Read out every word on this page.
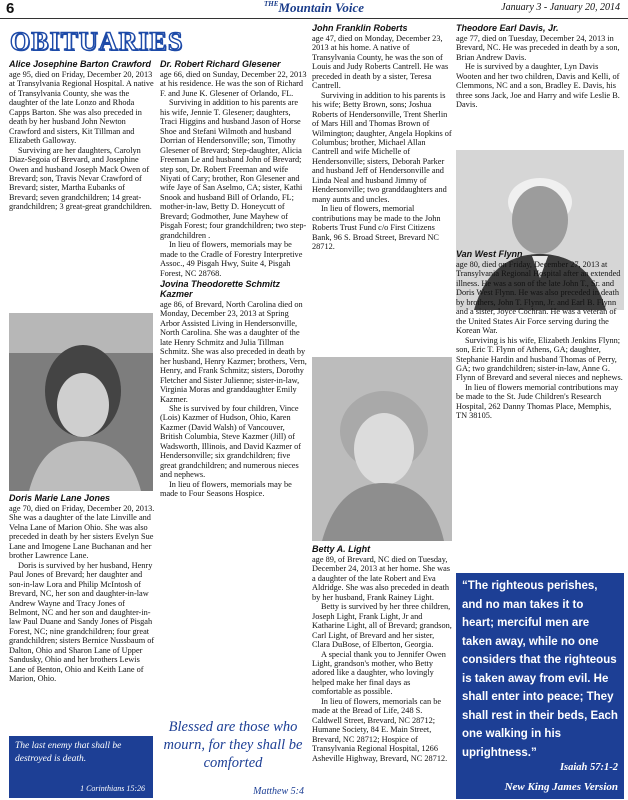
6	$^{THE}$Mountain Voice	January 3 - January 20, 2014
OBITUARIES
Alice Josephine Barton Crawford

age 95, died on Friday, December 20, 2013 at Transylvania Regional Hospital. A native of Transylvania County, she was the daughter of the late Lonzo and Rhoda Capps Barton. She was also preceded in death by her husband John Newton Crawford and sisters, Kit Tillman and Elizabeth Galloway.

Surviving are her daughters, Carolyn Diaz-Segoia of Brevard, and Josephine Owen and husband Joseph Mack Owen of Brevard; son, Travis Nevar Crawford of Brevard; sister, Martha Eubanks of Brevard; seven grandchildren; 14 great-grandchildren; 3 great-great grandchildren.

Doris Marie Lane Jones

age 70, died on Friday, December 20, 2013. She was a daughter of the late Linville and Velna Lane of Marion Ohio. She was also preceded in death by her sisters Evelyn Sue Lane and Imogene Lane Buchanan and her brother Lawrence Lane.

Doris is survived by her husband, Henry Paul Jones of Brevard; her daughter and son-in-law Lora and Philip McIntosh of Brevard, NC, her son and daughter-in-law Andrew Wayne and Tracy Jones of Belmont, NC and her son and daughter-in-law Paul Duane and Sandy Jones of Pisgah Forest, NC; nine grandchildren; four great grandchildren; sisters Bernice Nussbaum of Dalton, Ohio and Sharon Lane of Upper Sandusky, Ohio and her brothers Lewis Lane of Benton, Ohio and Keith Lane of Marion, Ohio.

The last enemy that shall be destroyed is death.
1 Corinthians 15:26
Dr. Robert Richard Glesener

age 66, died on Sunday, December 22, 2013 at his residence. He was the son of Richard F. and June K. Glesener of Orlando, FL.

Surviving in addition to his parents are his wife, Jennie T. Glesener; daughters, Traci Higgins and husband Jason of Horse Shoe and Stefani Wilmoth and husband Dorrian of Hendersonville; son, Timothy Glesener of Brevard; Step-daughter, Alicia Freeman Le and husband John of Brevard; step son, Dr. Robert Freeman and wife Niyati of Cary; brother, Ron Glesener and wife Jaye of San Aselmo, CA; sister, Kathi Snook and husband Bill of Orlando, FL; mother-in-law, Betty D. Honeycutt of Brevard; Godmother, June Mayhew of Pisgah Forest; four grandchildren; two step-grandchildren .

In lieu of flowers, memorials may be made to the Cradle of Forestry Interpretive Assoc., 49 Pisgah Hwy, Suite 4, Pisgah Forest, NC 28768.

Jovina Theodorette Schmitz Kazmer

age 86, of Brevard, North Carolina died on Monday, December 23, 2013 at Spring Arbor Assisted Living in Hendersonville, North Carolina. She was a daughter of the late Henry Schmitz and Julia Tillman Schmitz. She was also preceded in death by her husband, Henry Kazmer; brothers, Vern, Henry, and Frank Schmitz; sisters, Dorothy Fletcher and Sister Julienne; sister-in-law, Virginia Moras and granddaughter Emily Kazmer.

She is survived by four children, Vince (Lois) Kazmer of Hudson, Ohio, Karen Kazmer (David Walsh) of Vancouver, British Columbia, Steve Kazmer (Jill) of Wadsworth, Illinois, and David Kazmer of Hendersonville; six grandchildren; five great grandchildren; and numerous nieces and nephews.

In lieu of flowers, memorials may be made to Four Seasons Hospice.

Blessed are those who mourn, for they shall be comforted
Matthew 5:4
John Franklin Roberts

age 47, died on Monday, December 23, 2013 at his home. A native of Transylvania County, he was the son of Louis and Judy Roberts Cantrell. He was preceded in death by a sister, Teresa Cantrell.

Surviving in addition to his parents is his wife; Betty Brown, sons; Joshua Roberts of Hendersonville, Trent Sherlin of Mars Hill and Thomas Brown of Wilmington; daughter, Angela Hopkins of Columbus; brother, Michael Allan Cantrell and wife Michelle of Hendersonville; sisters, Deborah Parker and husband Jeff of Hendersonville and Linda Neal and husband Jimmy of Hendersonville; two granddaughters and many aunts and uncles.

In lieu of flowers, memorial contributions may be made to the John Roberts Trust Fund c/o First Citizens Bank, 96 S. Broad Street, Brevard NC 28712.

Betty A. Light

age 89, of Brevard, NC died on Tuesday, December 24, 2013 at her home. She was a daughter of the late Robert and Eva Aldridge. She was also preceded in death by her husband, Frank Rainey Light.

Betty is survived by her three children, Joseph Light, Frank Light, Jr and Katharine Light, all of Brevard; grandson, Carl Light, of Brevard and her sister, Clara DuBose, of Elberton, Georgia.

A special thank you to Jennifer Owen Light, grandson's mother, who Betty adored like a daughter, who lovingly helped make her final days as comfortable as possible.

In lieu of flowers, memorials can be made at the Bread of Life, 248 S. Caldwell Street, Brevard, NC 28712; Humane Society, 84 E. Main Street, Brevard, NC 28712; Hospice of Transylvania Regional Hospital, 1266 Asheville Highway, Brevard, NC 28712.

Theodore Earl Davis, Jr.

age 77, died on Tuesday, December 24, 2013 in Brevard, NC. He was preceded in death by a son, Brian Andrew Davis.

He is survived by a daughter, Lyn Davis Wooten and her two children, Davis and Kelli, of Clemmons, NC and a son, Bradley E. Davis, his three sons Jack, Joe and Harry and wife Leslie B. Davis.

Van West Flynn

age 80, died on Friday, December 27, 2013 at Transylvania Regional Hospital after an extended illness. He was a son of the late John T., Sr. and Doris West Flynn. He was also preceded in death by brothers, John T. Flynn, Jr. and Earl B. Flynn and a sister, Joyce Cochran. He was a veteran of the United States Air Force serving during the Korean War.

Surviving is his wife, Elizabeth Jenkins Flynn; son, Eric T. Flynn of Athens, GA; daughter, Stephanie Hardin and husband Thomas of Perry, GA; two grandchildren; sister-in-law, Anne G. Flynn of Brevard and several nieces and nephews.

In lieu of flowers memorial contributions may be made to the St. Jude Children's Research Hospital, 262 Danny Thomas Place, Memphis, TN 38105.

“The righteous perishes, and no man takes it to heart; merciful men are taken away, while no one considers that the righteous is taken away from evil. He shall enter into peace; They shall rest in their beds, Each one walking in his uprightness.”
Isaiah 57:1-2
New King James Version
